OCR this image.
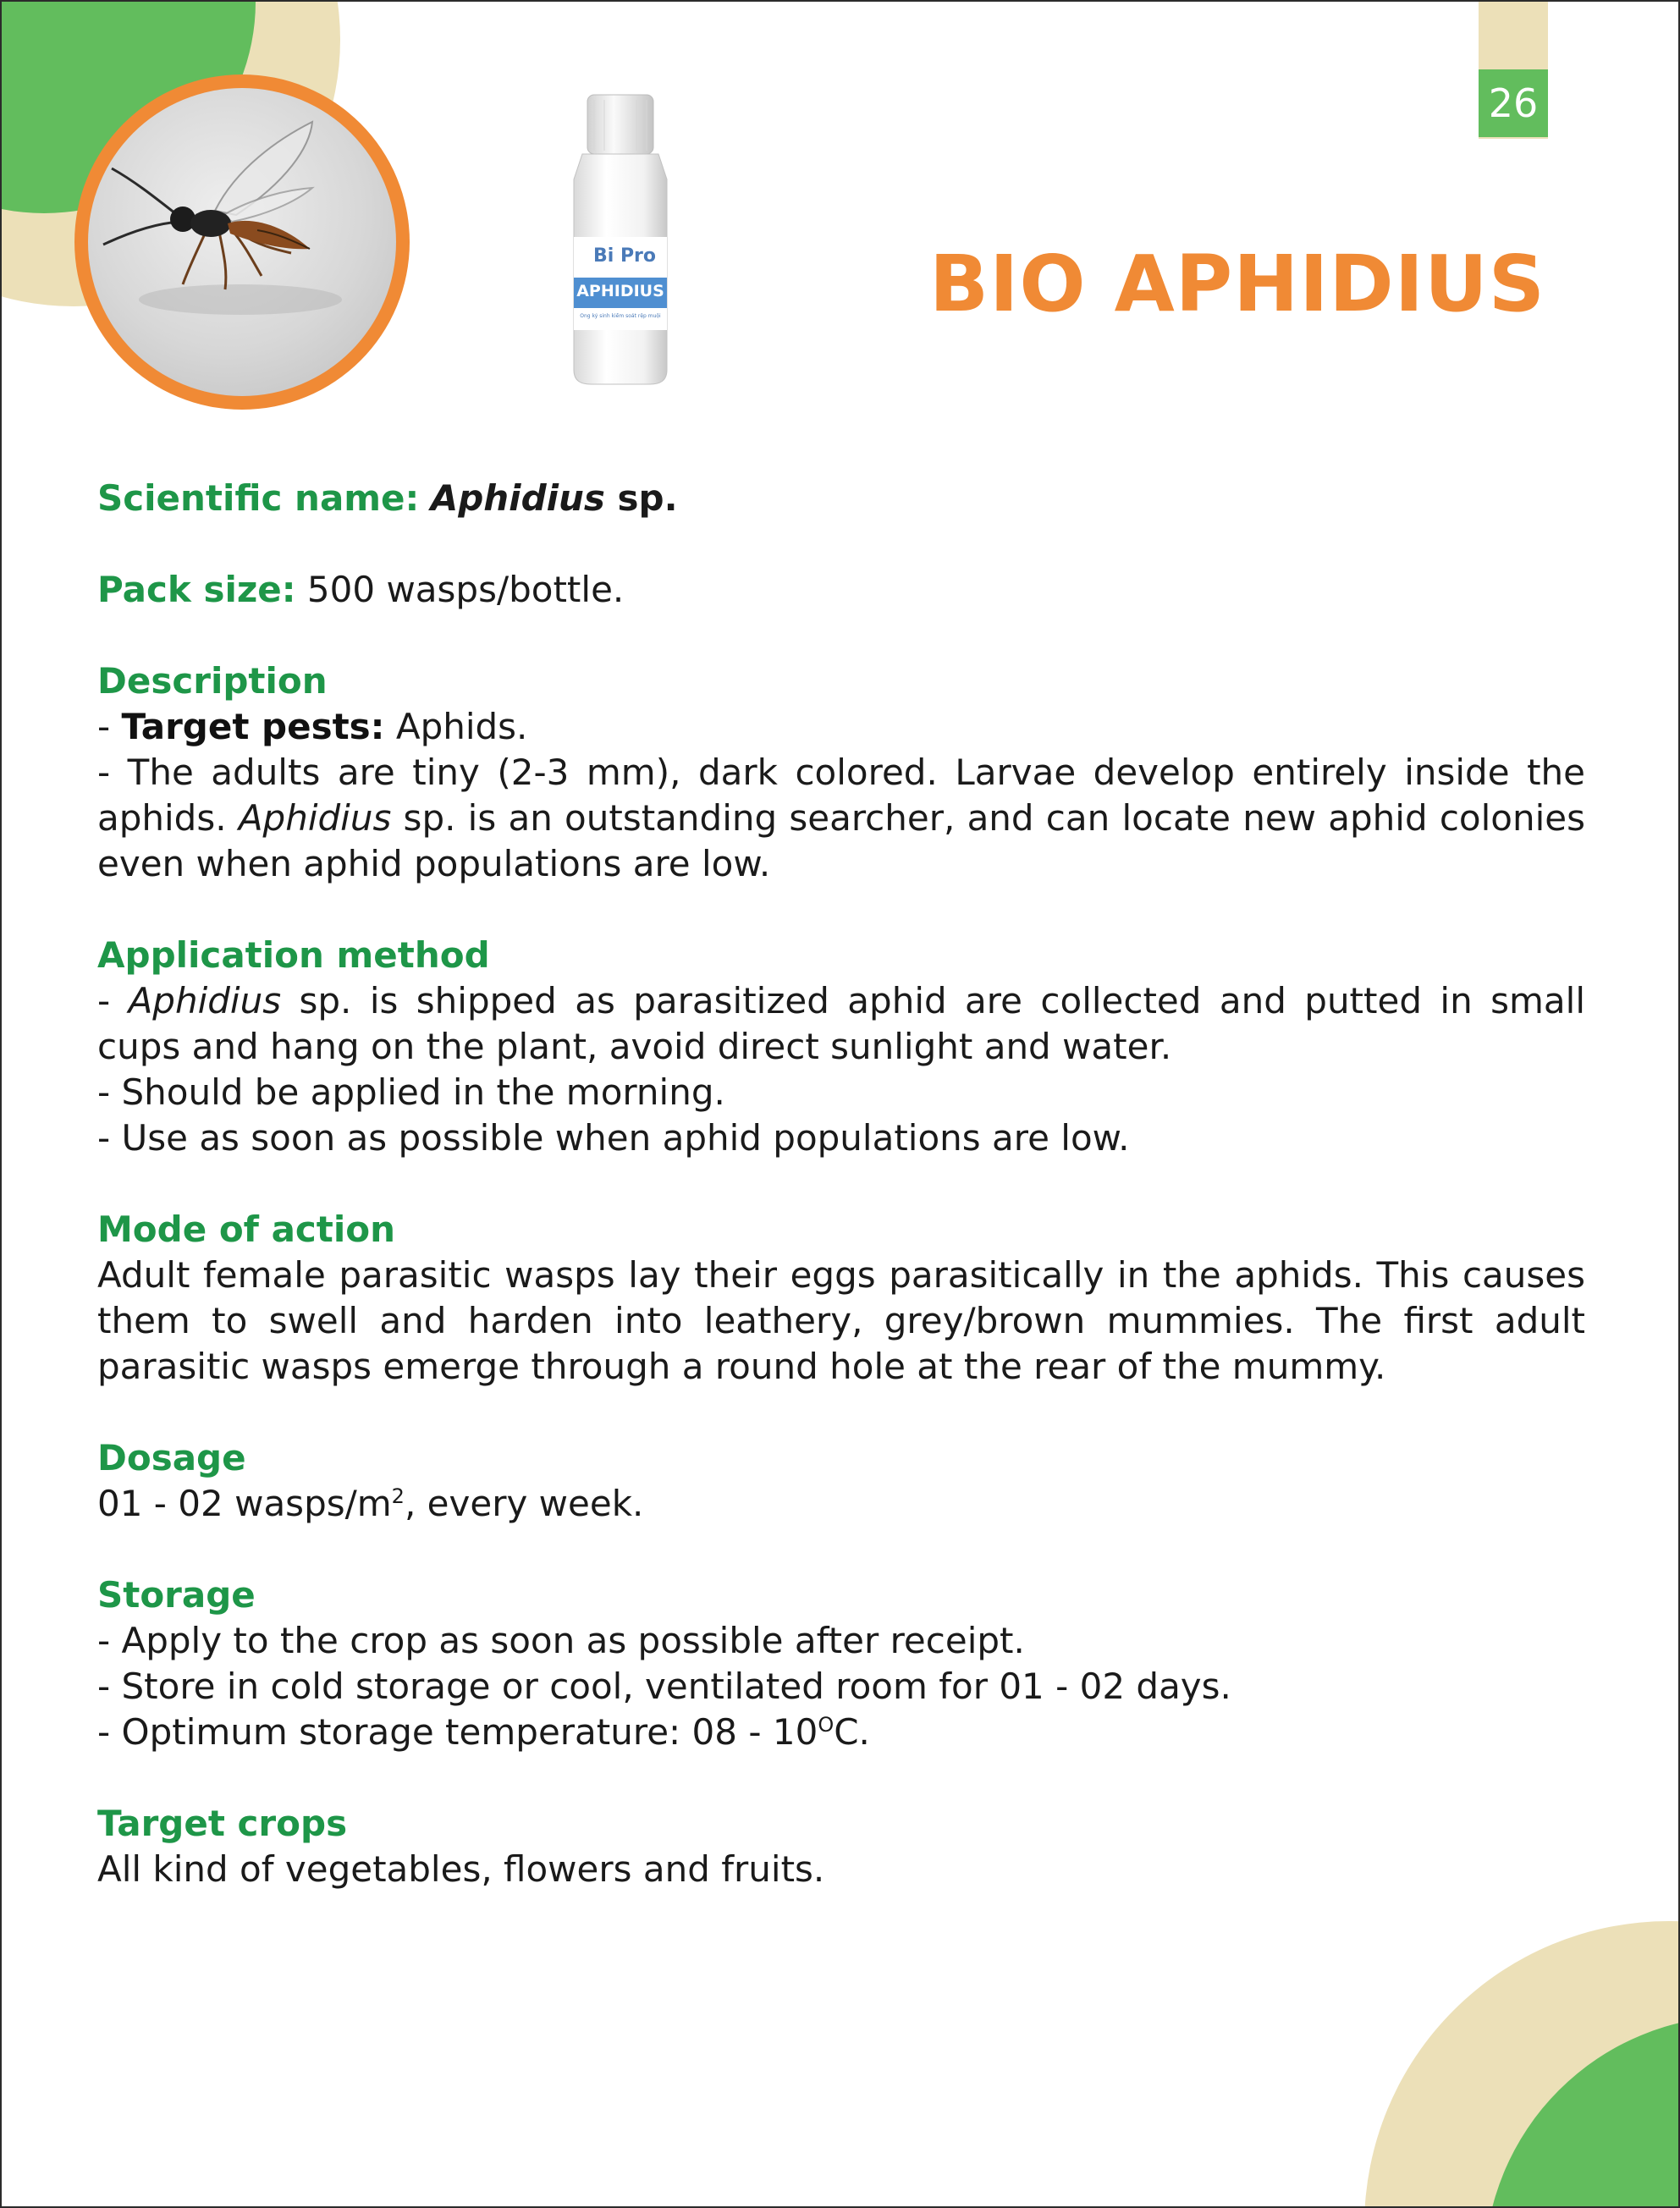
26
Bi Pro
APHIDIUS
Ong ký sinh kiểm soát rệp muội	BIO APHIDIUS

Scientific name: Aphidius sp.

Pack size: 500 wasps/bottle.

Description

- Target pests: Aphids.

- The adults are tiny (2-3 mm), dark colored. Larvae develop entirely inside the aphids. Aphidius sp. is an outstanding searcher, and can locate new aphid colonies even when aphid populations are low.

Application method

- Aphidius sp. is shipped as parasitized aphid are collected and putted in small cups and hang on the plant, avoid direct sunlight and water.

- Should be applied in the morning.

- Use as soon as possible when aphid populations are low.

Mode of action

Adult female parasitic wasps lay their eggs parasitically in the aphids. This causes them to swell and harden into leathery, grey/brown mummies. The first adult parasitic wasps emerge through a round hole at the rear of the mummy.

Dosage

01 - 02 wasps/$m^2$, every week.

Storage

- Apply to the crop as soon as possible after receipt.

- Store in cold storage or cool, ventilated room for 01 - 02 days.

- Optimum storage temperature: $08 - 10^OC$.

Target crops

All kind of vegetables, flowers and fruits.
